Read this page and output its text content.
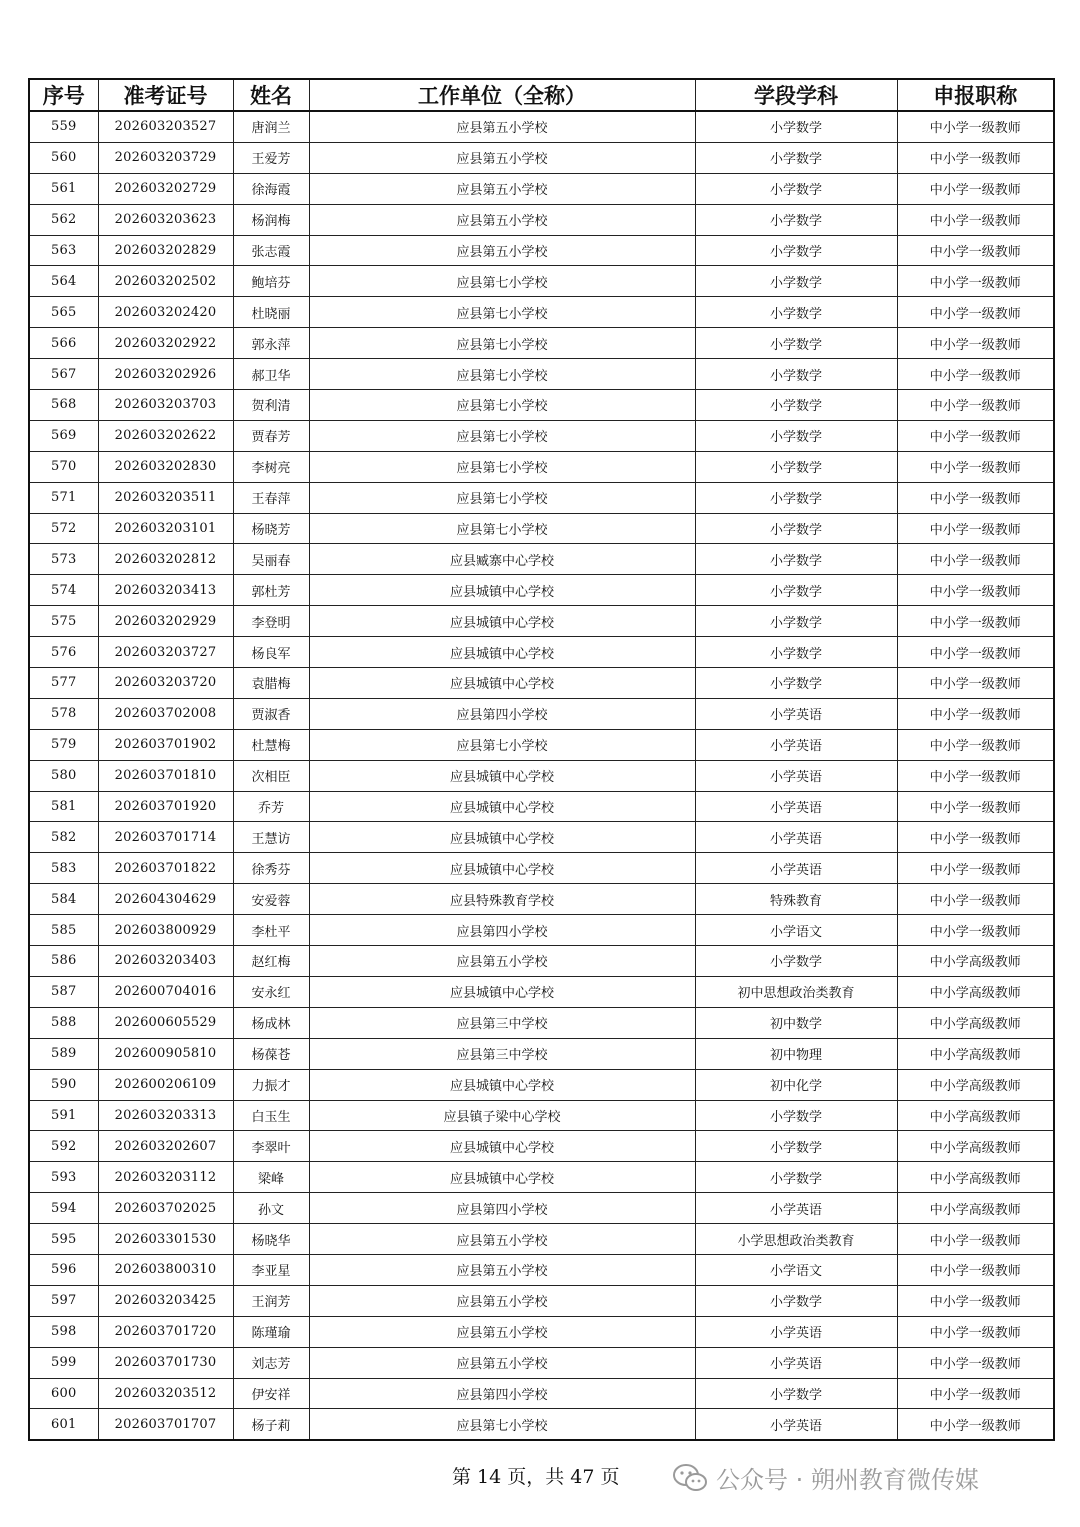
序号	准考证号	姓名	工作单位（全称）	学段学科	申报职称
559	202603203527	唐润兰	应县第五小学校	小学数学	中小学一级教师
560	202603203729	王爱芳	应县第五小学校	小学数学	中小学一级教师
561	202603202729	徐海霞	应县第五小学校	小学数学	中小学一级教师
562	202603203623	杨润梅	应县第五小学校	小学数学	中小学一级教师
563	202603202829	张志霞	应县第五小学校	小学数学	中小学一级教师
564	202603202502	鲍培芬	应县第七小学校	小学数学	中小学一级教师
565	202603202420	杜晓丽	应县第七小学校	小学数学	中小学一级教师
566	202603202922	郭永萍	应县第七小学校	小学数学	中小学一级教师
567	202603202926	郝卫华	应县第七小学校	小学数学	中小学一级教师
568	202603203703	贺利清	应县第七小学校	小学数学	中小学一级教师
569	202603202622	贾春芳	应县第七小学校	小学数学	中小学一级教师
570	202603202830	李树亮	应县第七小学校	小学数学	中小学一级教师
571	202603203511	王春萍	应县第七小学校	小学数学	中小学一级教师
572	202603203101	杨晓芳	应县第七小学校	小学数学	中小学一级教师
573	202603202812	吴丽春	应县臧寨中心学校	小学数学	中小学一级教师
574	202603203413	郭杜芳	应县城镇中心学校	小学数学	中小学一级教师
575	202603202929	李登明	应县城镇中心学校	小学数学	中小学一级教师
576	202603203727	杨良军	应县城镇中心学校	小学数学	中小学一级教师
577	202603203720	袁腊梅	应县城镇中心学校	小学数学	中小学一级教师
578	202603702008	贾淑香	应县第四小学校	小学英语	中小学一级教师
579	202603701902	杜慧梅	应县第七小学校	小学英语	中小学一级教师
580	202603701810	次相臣	应县城镇中心学校	小学英语	中小学一级教师
581	202603701920	乔芳	应县城镇中心学校	小学英语	中小学一级教师
582	202603701714	王慧访	应县城镇中心学校	小学英语	中小学一级教师
583	202603701822	徐秀芬	应县城镇中心学校	小学英语	中小学一级教师
584	202604304629	安爱蓉	应县特殊教育学校	特殊教育	中小学一级教师
585	202603800929	李杜平	应县第四小学校	小学语文	中小学一级教师
586	202603203403	赵红梅	应县第五小学校	小学数学	中小学高级教师
587	202600704016	安永红	应县城镇中心学校	初中思想政治类教育	中小学高级教师
588	202600605529	杨成林	应县第三中学校	初中数学	中小学高级教师
589	202600905810	杨葆苍	应县第三中学校	初中物理	中小学高级教师
590	202600206109	力振才	应县城镇中心学校	初中化学	中小学高级教师
591	202603203313	白玉生	应县镇子梁中心学校	小学数学	中小学高级教师
592	202603202607	李翠叶	应县城镇中心学校	小学数学	中小学高级教师
593	202603203112	梁峰	应县城镇中心学校	小学数学	中小学高级教师
594	202603702025	孙文	应县第四小学校	小学英语	中小学高级教师
595	202603301530	杨晓华	应县第五小学校	小学思想政治类教育	中小学一级教师
596	202603800310	李亚星	应县第五小学校	小学语文	中小学一级教师
597	202603203425	王润芳	应县第五小学校	小学数学	中小学一级教师
598	202603701720	陈瑾瑜	应县第五小学校	小学英语	中小学一级教师
599	202603701730	刘志芳	应县第五小学校	小学英语	中小学一级教师
600	202603203512	伊安祥	应县第四小学校	小学数学	中小学一级教师
601	202603701707	杨子莉	应县第七小学校	小学英语	中小学一级教师
第 14 页，共 47 页	公众号 · 朔州教育微传媒
